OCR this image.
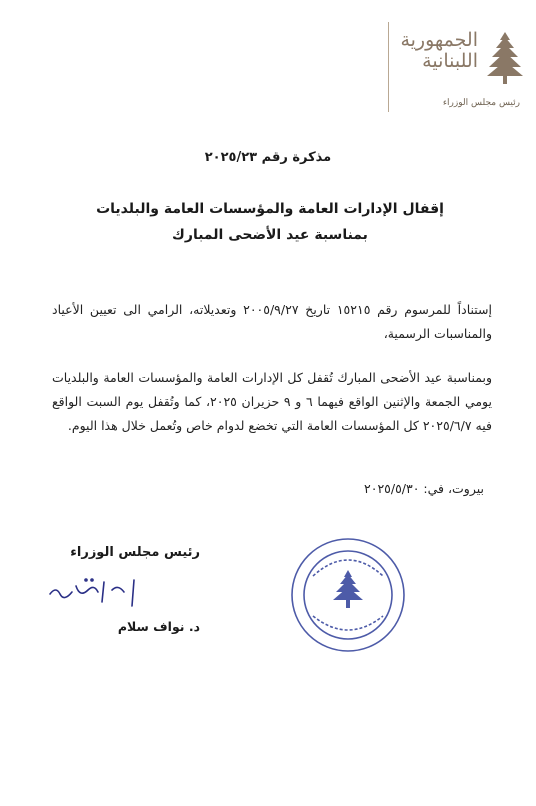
الجمهورية
اللبنانية
رئيس مجلس الوزراء
مذكرة رقم ٢٠٢٥/٢٣
إقفال الإدارات العامة والمؤسسات العامة والبلديات
بمناسبة عيد الأضحى المبارك
إستناداً للمرسوم رقم ١٥٢١٥ تاريخ ٢٠٠٥/٩/٢٧ وتعديلاته، الرامي الى تعيين الأعياد والمناسبات الرسمية،
وبمناسبة عيد الأضحى المبارك تُقفل كل الإدارات العامة والمؤسسات العامة والبلديات يومي الجمعة والإثنين الواقع فيهما ٦ و ٩ حزيران ٢٠٢٥، كما وتُقفل يوم السبت الواقع فيه ٢٠٢٥/٦/٧ كل المؤسسات العامة التي تخضع لدوام خاص وتُعمل خلال هذا اليوم.
بيروت، في: ٢٠٢٥/٥/٣٠
رئيس مجلس الوزراء
د. نواف سلام
